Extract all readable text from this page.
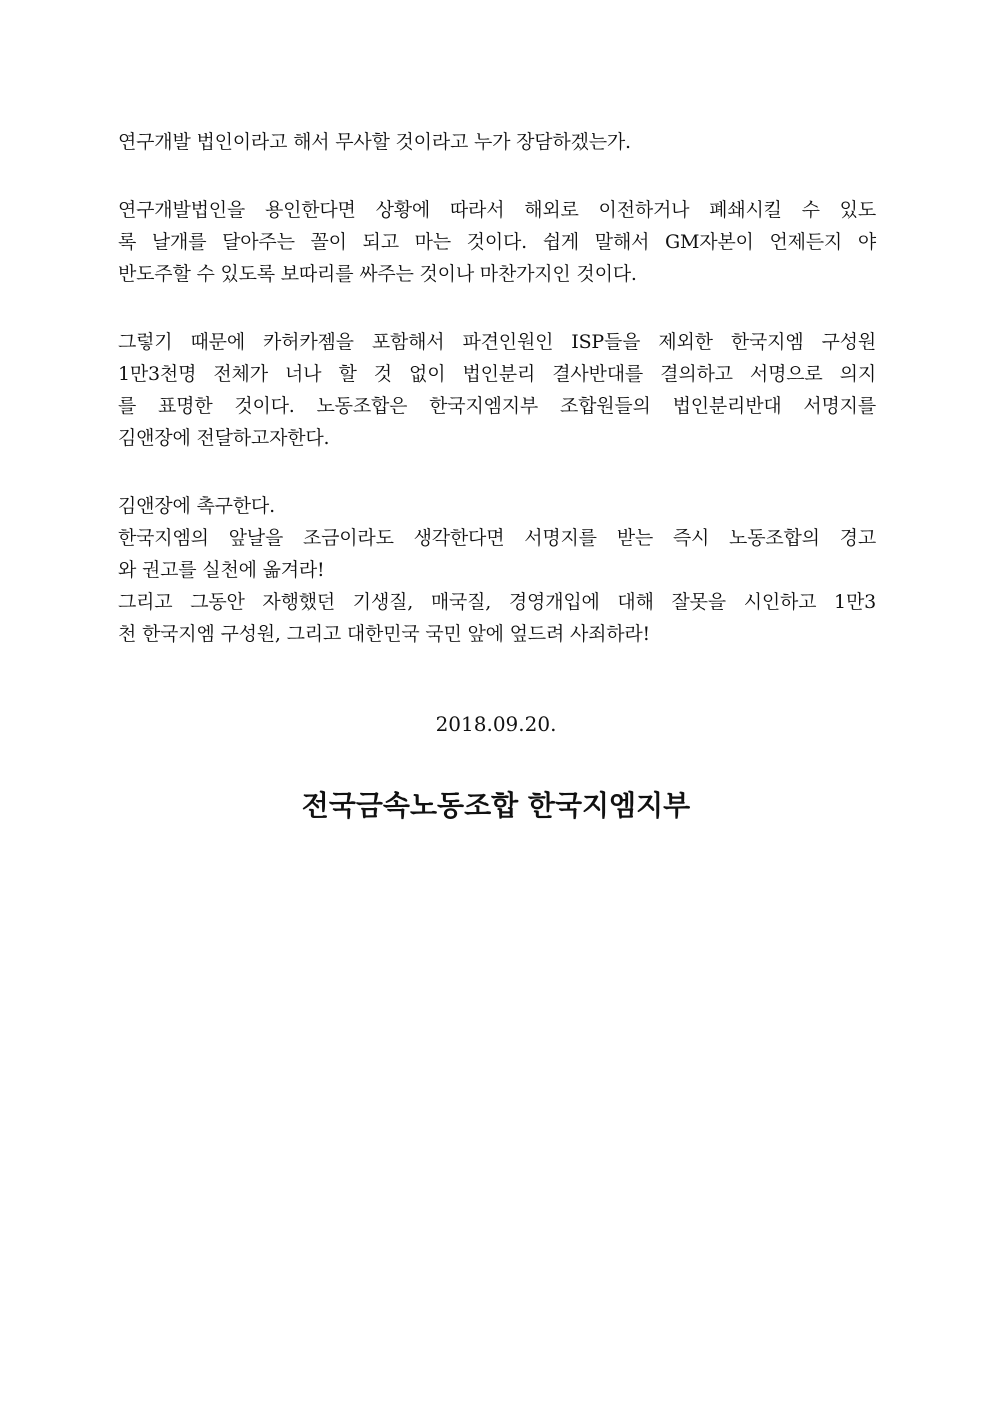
연구개발 법인이라고 해서 무사할 것이라고 누가 장담하겠는가.

연구개발법인을 용인한다면 상황에 따라서 해외로 이전하거나 폐쇄시킬 수 있도
록 날개를 달아주는 꼴이 되고 마는 것이다. 쉽게 말해서 GM자본이 언제든지 야
반도주할 수 있도록 보따리를 싸주는 것이나 마찬가지인 것이다.

그렇기 때문에 카허카젬을 포함해서 파견인원인 ISP들을 제외한 한국지엠 구성원
1만3천명 전체가 너나 할 것 없이 법인분리 결사반대를 결의하고 서명으로 의지
를 표명한 것이다. 노동조합은 한국지엠지부 조합원들의 법인분리반대 서명지를
김앤장에 전달하고자한다.

김앤장에 촉구한다.
한국지엠의 앞날을 조금이라도 생각한다면 서명지를 받는 즉시 노동조합의 경고
와 권고를 실천에 옮겨라!
그리고 그동안 자행했던 기생질, 매국질, 경영개입에 대해 잘못을 시인하고 1만3
천 한국지엠 구성원, 그리고 대한민국 국민 앞에 엎드려 사죄하라!

2018.09.20.
전국금속노동조합 한국지엠지부
